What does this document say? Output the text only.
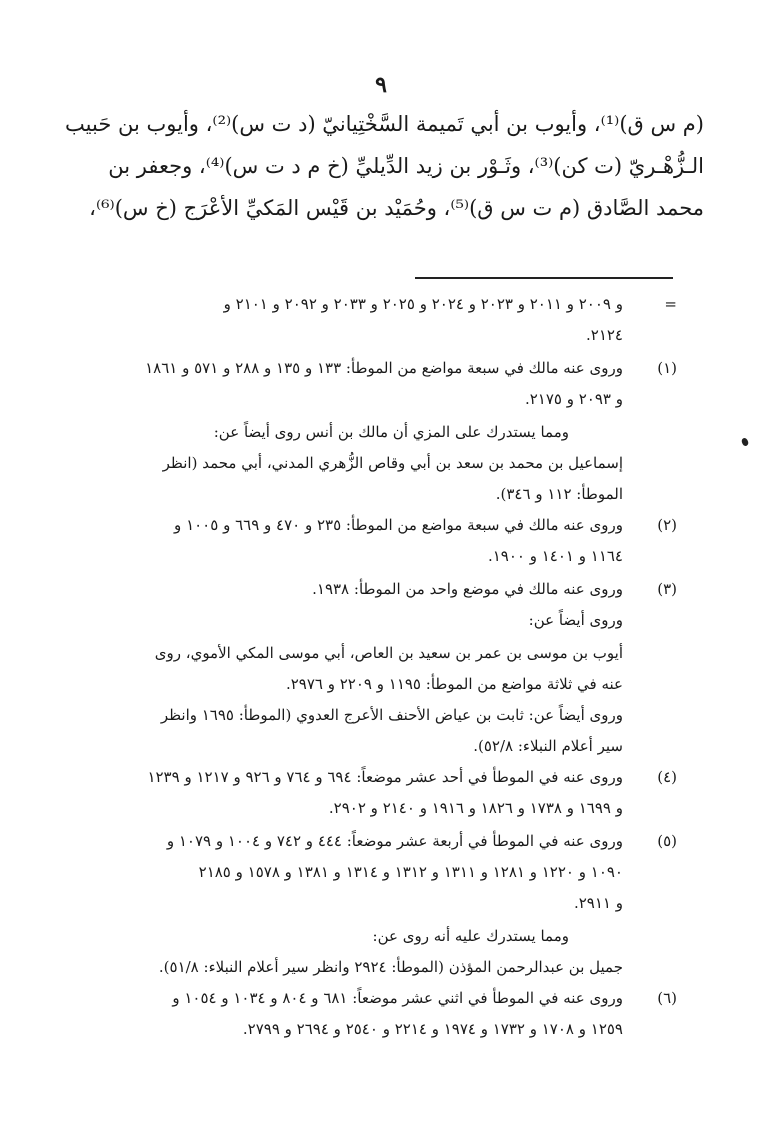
٩
(م س ق)⁽¹⁾، وأيوب بن أبي تَميمة السَّخْتِيانيّ (د ت س)⁽²⁾، وأيوب بن حَبيب
الـزُّهْـريّ (ت كن)⁽³⁾، وثَـوْر بن زيد الدِّيليِّ (خ م د ت س)⁽⁴⁾، وجعفر بن
محمد الصَّادق (م ت س ق)⁽⁵⁾، وحُمَيْد بن قَيْس المَكيِّ الأعْرَج (خ س)⁽⁶⁾،
=
و ٢٠٠٩ و ٢٠١١ و ٢٠٢٣ و ٢٠٢٤ و ٢٠٢٥ و ٢٠٣٣ و ٢٠٩٢ و ٢١٠١ و
٢١٢٤.
(١)
وروى عنه مالك في سبعة مواضع من الموطأ: ١٣٣ و ١٣٥ و ٢٨٨ و ٥٧١ و ١٨٦١
و ٢٠٩٣ و ٢١٧٥.
ومما يستدرك على المزي أن مالك بن أنس روى أيضاً عن:
إسماعيل بن محمد بن سعد بن أبي وقاص الزُّهري المدني، أبي محمد (انظر
الموطأ: ١١٢ و ٣٤٦).
(٢)
وروى عنه مالك في سبعة مواضع من الموطأ: ٢٣٥ و ٤٧٠ و ٦٦٩ و ١٠٠٥ و
١١٦٤ و ١٤٠١ و ١٩٠٠.
(٣)
وروى عنه مالك في موضع واحد من الموطأ: ١٩٣٨.
وروى أيضاً عن:
أيوب بن موسى بن عمر بن سعيد بن العاص، أبي موسى المكي الأموي، روى
عنه في ثلاثة مواضع من الموطأ: ١١٩٥ و ٢٢٠٩ و ٢٩٧٦.
وروى أيضاً عن: ثابت بن عياض الأحنف الأعرج العدوي (الموطأ: ١٦٩٥ وانظر
سير أعلام النبلاء: ٥٢/٨).
(٤)
وروى عنه في الموطأ في أحد عشر موضعاً: ٦٩٤ و ٧٦٤ و ٩٢٦ و ١٢١٧ و ١٢٣٩
و ١٦٩٩ و ١٧٣٨ و ١٨٢٦ و ١٩١٦ و ٢١٤٠ و ٢٩٠٢.
(٥)
وروى عنه في الموطأ في أربعة عشر موضعاً: ٤٤٤ و ٧٤٢ و ١٠٠٤ و ١٠٧٩ و
١٠٩٠ و ١٢٢٠ و ١٢٨١ و ١٣١١ و ١٣١٢ و ١٣١٤ و ١٣٨١ و ١٥٧٨ و ٢١٨٥
و ٢٩١١.
ومما يستدرك عليه أنه روى عن:
جميل بن عبدالرحمن المؤذن (الموطأ: ٢٩٢٤ وانظر سير أعلام النبلاء: ٥١/٨).
(٦)
وروى عنه في الموطأ في اثني عشر موضعاً: ٦٨١ و ٨٠٤ و ١٠٣٤ و ١٠٥٤ و
١٢٥٩ و ١٧٠٨ و ١٧٣٢ و ١٩٧٤ و ٢٢١٤ و ٢٥٤٠ و ٢٦٩٤ و ٢٧٩٩.
